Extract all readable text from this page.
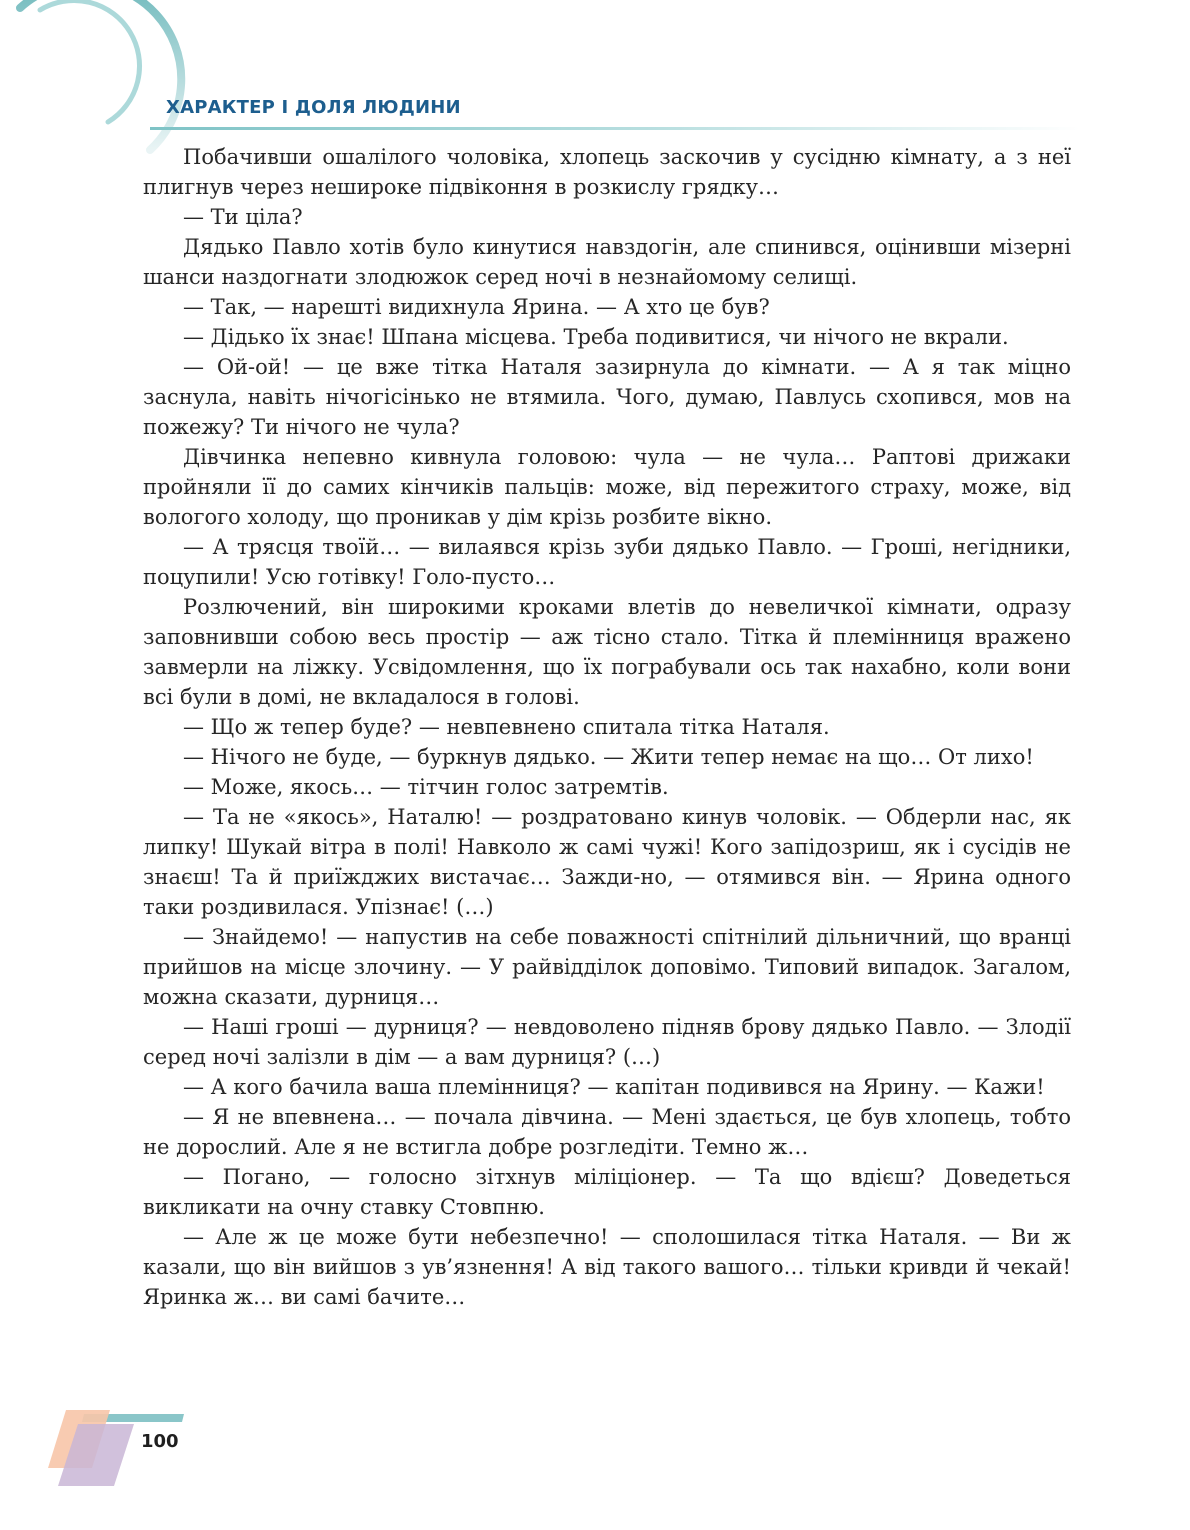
ХАРАКТЕР І ДОЛЯ ЛЮДИНИ

Побачивши ошалілого чоловіка, хлопець заскочив у сусідню кімнату, а з неї плигнув через неширoке підвіконня в розкислу грядку…

— Ти ціла?

Дядько Павло хотів було кинутися навздогін, але спинився, оцінивши мізерні шанси наздогнати злодюжок серед ночі в незнайомому селищі.

— Так, — нарешті видихнула Ярина. — А хто це був?

— Дідько їх знає! Шпана місцева. Треба подивитися, чи нічого не вкрали.

— Ой-ой! — це вже тітка Наталя зазирнула до кімнати. — А я так міцно заснула, навіть нічогісінько не втямила. Чого, думаю, Павлусь схопився, мов на пожежу? Ти нічого не чула?

Дівчинка непевно кивнула головою: чула — не чула… Раптові дрижаки пройняли її до самих кінчиків пальців: може, від пережитого страху, може, від вологого холоду, що проникав у дім крізь розбите вікно.

— А трясця твоїй… — вилаявся крізь зуби дядько Павло. — Гроші, негідники, поцупили! Усю готівку! Голо-пусто…

Розлючений, він широкими кроками влетів до невеличкої кімнати, одразу заповнивши собою весь простір — аж тісно стало. Тітка й племінниця вражено завмерли на ліжку. Усвідомлення, що їх пограбували ось так нахабно, коли вони всі були в домі, не вкладалося в голові.

— Що ж тепер буде? — невпевнено спитала тітка Наталя.

— Нічого не буде, — буркнув дядько. — Жити тепер немає на що… От лихо!

— Може, якось… — тітчин голос затремтів.

— Та не «якось», Наталю! — роздратовано кинув чоловік. — Обдерли нас, як липку! Шукай вітра в полі! Навколо ж самі чужі! Кого запідозриш, як і сусідів не знаєш! Та й приїжджих вистачає… Зажди-но, — отямився він. — Ярина одного таки роздивилася. Упізнає! (…)

— Знайдемо! — напустив на себе поважності спітнілий дільничний, що вранці прийшов на місце злочину. — У райвідділок доповімо. Типовий випадок. Загалом, можна сказати, дурниця…

— Наші гроші — дурниця? — невдоволено підняв брову дядько Павло. — Злодії серед ночі залізли в дім — а вам дурниця? (…)

— А кого бачила ваша племінниця? — капітан подивився на Ярину. — Кажи!

— Я не впевнена… — почала дівчина. — Мені здається, це був хлопець, тобто не дорослий. Але я не встигла добре розгледіти. Темно ж…

— Погано, — голосно зітхнув міліціонер. — Та що вдієш? Доведеться викликати на очну ставку Стовпню.

— Але ж це може бути небезпечно! — сполошилася тітка Наталя. — Ви ж казали, що він вийшов з ув’язнення! А від такого вашого… тільки кривди й чекай! Яринка ж… ви самі бачите…

100
